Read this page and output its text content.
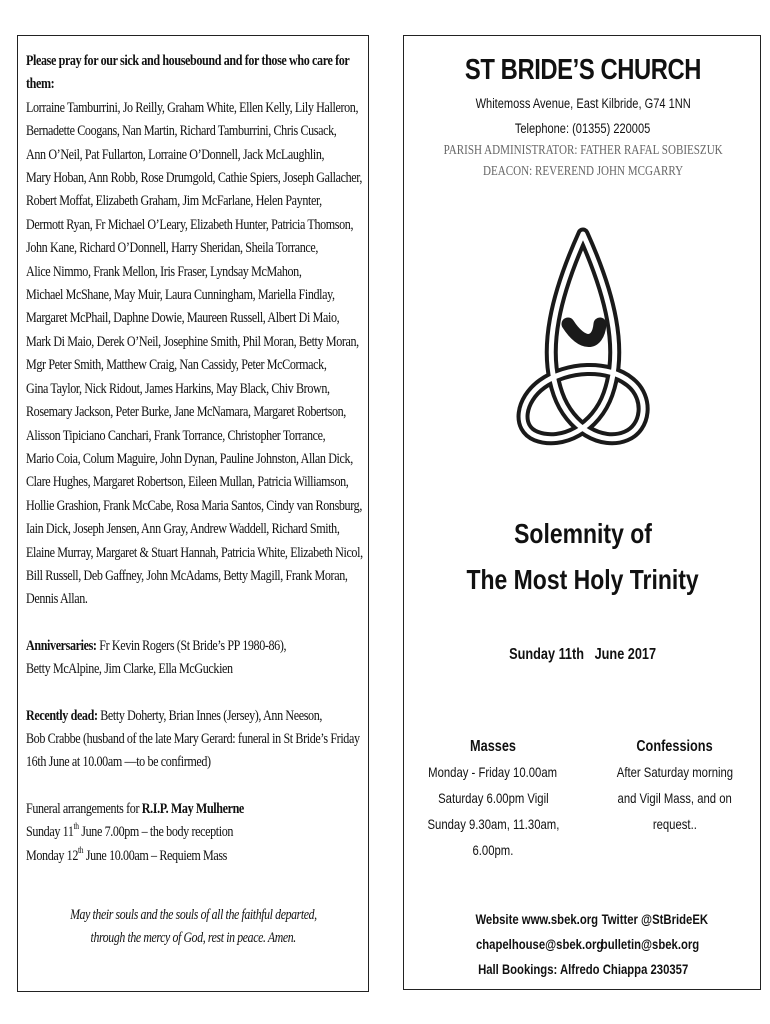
Please pray for our sick and housebound and for those who care for
them:
Lorraine Tamburrini, Jo Reilly, Graham White, Ellen Kelly, Lily Halleron,
Bernadette Coogans, Nan Martin, Richard Tamburrini, Chris Cusack,
Ann O’Neil, Pat Fullarton, Lorraine O’Donnell, Jack McLaughlin,
Mary Hoban, Ann Robb, Rose Drumgold, Cathie Spiers, Joseph Gallacher,
Robert Moffat, Elizabeth Graham, Jim McFarlane, Helen Paynter,
Dermott Ryan, Fr Michael O’Leary, Elizabeth Hunter, Patricia Thomson,
John Kane, Richard O’Donnell, Harry Sheridan, Sheila Torrance,
Alice Nimmo, Frank Mellon, Iris Fraser, Lyndsay McMahon,
Michael McShane, May Muir, Laura Cunningham, Mariella Findlay,
Margaret McPhail, Daphne Dowie, Maureen Russell, Albert Di Maio,
Mark Di Maio, Derek O’Neil, Josephine Smith, Phil Moran, Betty Moran,
Mgr Peter Smith, Matthew Craig, Nan Cassidy, Peter McCormack,
Gina Taylor, Nick Ridout, James Harkins, May Black, Chiv Brown,
Rosemary Jackson, Peter Burke, Jane McNamara, Margaret Robertson,
Alisson Tipiciano Canchari, Frank Torrance, Christopher Torrance,
Mario Coia, Colum Maguire, John Dynan, Pauline Johnston, Allan Dick,
Clare Hughes, Margaret Robertson, Eileen Mullan, Patricia Williamson,
Hollie Grashion, Frank McCabe, Rosa Maria Santos, Cindy van Ronsburg,
Iain Dick, Joseph Jensen, Ann Gray, Andrew Waddell, Richard Smith,
Elaine Murray, Margaret & Stuart Hannah, Patricia White, Elizabeth Nicol,
Bill Russell, Deb Gaffney, John McAdams, Betty Magill, Frank Moran,
Dennis Allan.
Anniversaries: Fr Kevin Rogers (St Bride’s PP 1980-86),
Betty McAlpine, Jim Clarke, Ella McGuckien
Recently dead: Betty Doherty, Brian Innes (Jersey), Ann Neeson,
Bob Crabbe (husband of the late Mary Gerard: funeral in St Bride’s Friday
16th June at 10.00am —to be confirmed)
Funeral arrangements for R.I.P. May Mulherne
Sunday 11th June 7.00pm – the body reception
Monday 12th June 10.00am – Requiem Mass
May their souls and the souls of all the faithful departed,
through the mercy of God, rest in peace. Amen.
ST BRIDE’S CHURCH
Whitemoss Avenue, East Kilbride, G74 1NN
Telephone: (01355) 220005
PARISH ADMINISTRATOR: FATHER RAFAL SOBIESZUK
DEACON: REVEREND JOHN MCGARRY
Solemnity of
The Most Holy Trinity
Sunday 11th   June 2017
Masses
Monday - Friday 10.00am
Saturday 6.00pm Vigil
Sunday 9.30am, 11.30am,
6.00pm.
Confessions
After Saturday morning
and Vigil Mass, and on
request..
Website www.sbek.org Twitter @StBrideEK
chapelhouse@sbek.org
bulletin@sbek.org
Hall Bookings: Alfredo Chiappa 230357
